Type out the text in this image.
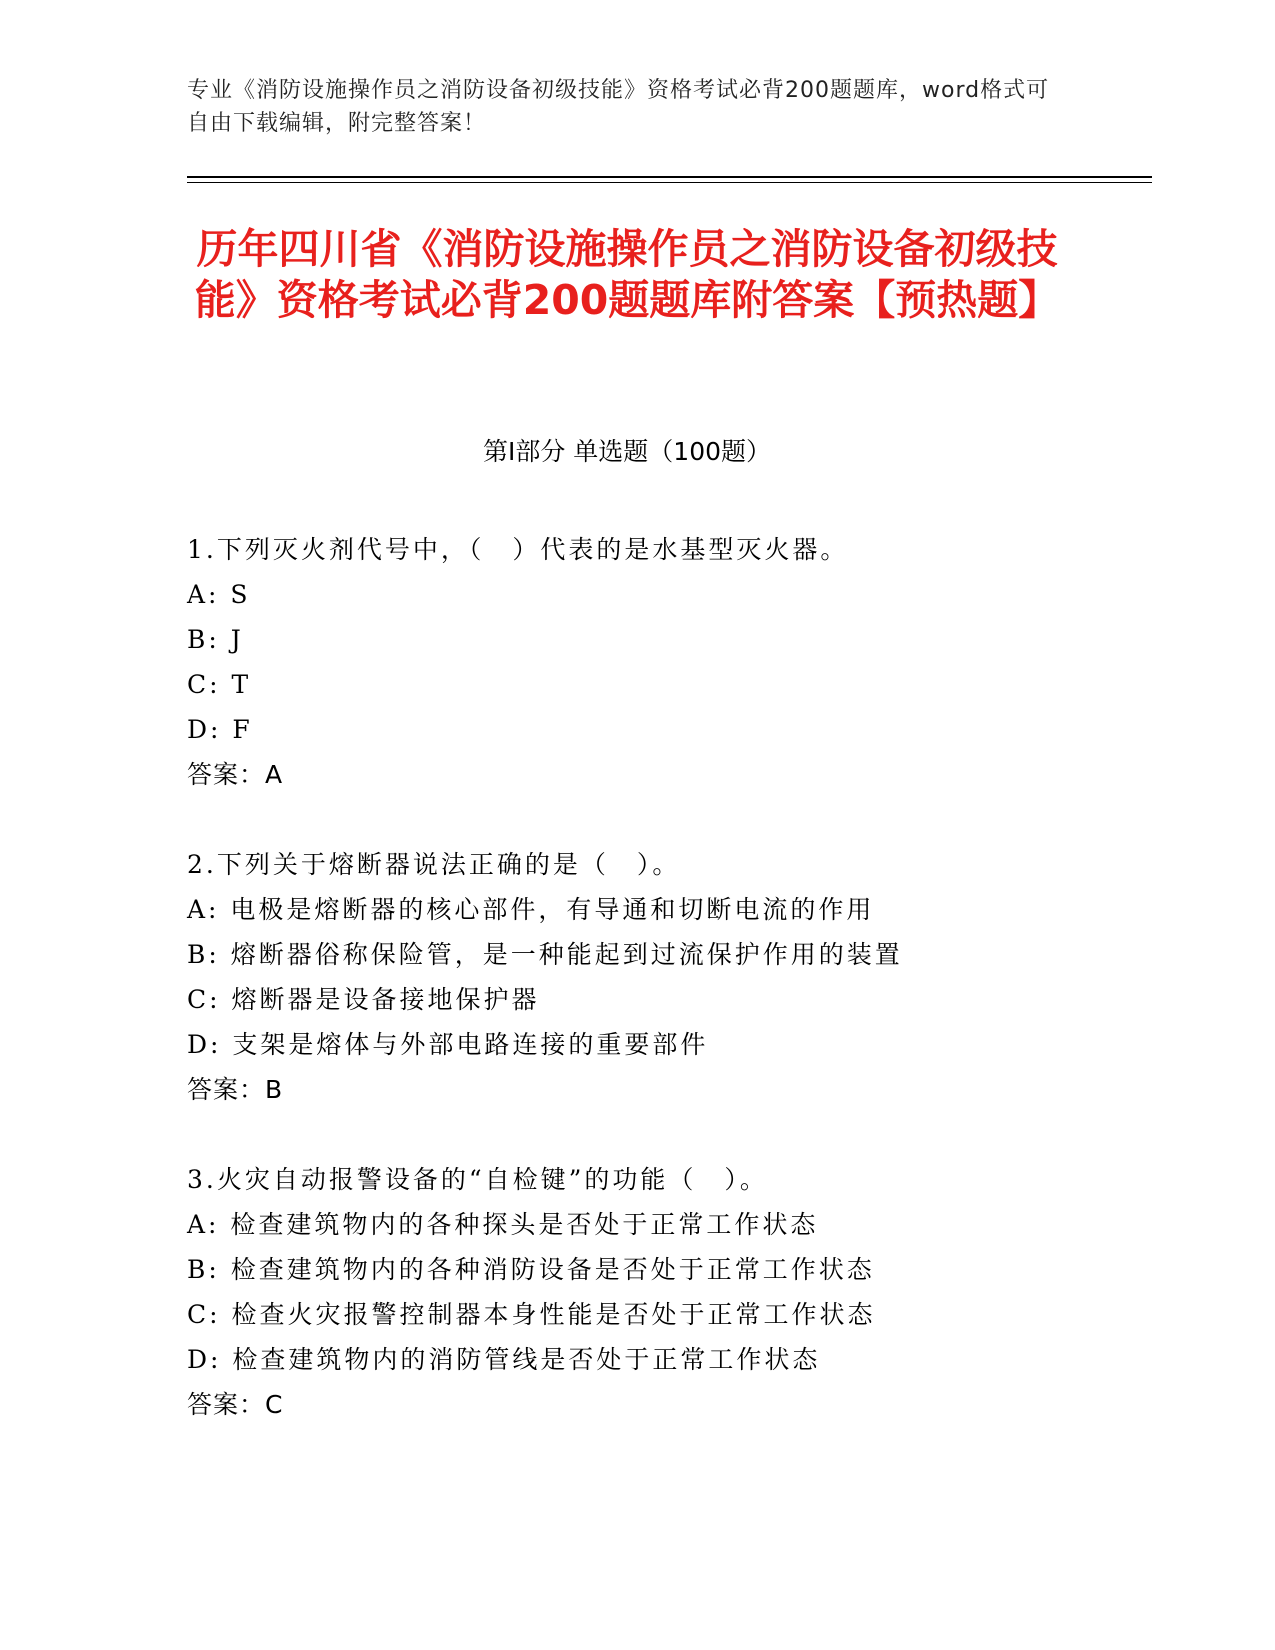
专业《消防设施操作员之消防设备初级技能》资格考试必背200题题库，word格式可自由下载编辑，附完整答案！
历年四川省《消防设施操作员之消防设备初级技能》资格考试必背200题题库附答案【预热题】
第I部分 单选题（100题）
1.下列灭火剂代号中，（　）代表的是水基型灭火器。
A: S
B: J
C: T
D: F
答案：A
2.下列关于熔断器说法正确的是（　）。
A: 电极是熔断器的核心部件，有导通和切断电流的作用
B: 熔断器俗称保险管，是一种能起到过流保护作用的装置
C: 熔断器是设备接地保护器
D: 支架是熔体与外部电路连接的重要部件
答案：B
3.火灾自动报警设备的“自检键”的功能（　）。
A: 检查建筑物内的各种探头是否处于正常工作状态
B: 检查建筑物内的各种消防设备是否处于正常工作状态
C: 检查火灾报警控制器本身性能是否处于正常工作状态
D: 检查建筑物内的消防管线是否处于正常工作状态
答案：C
